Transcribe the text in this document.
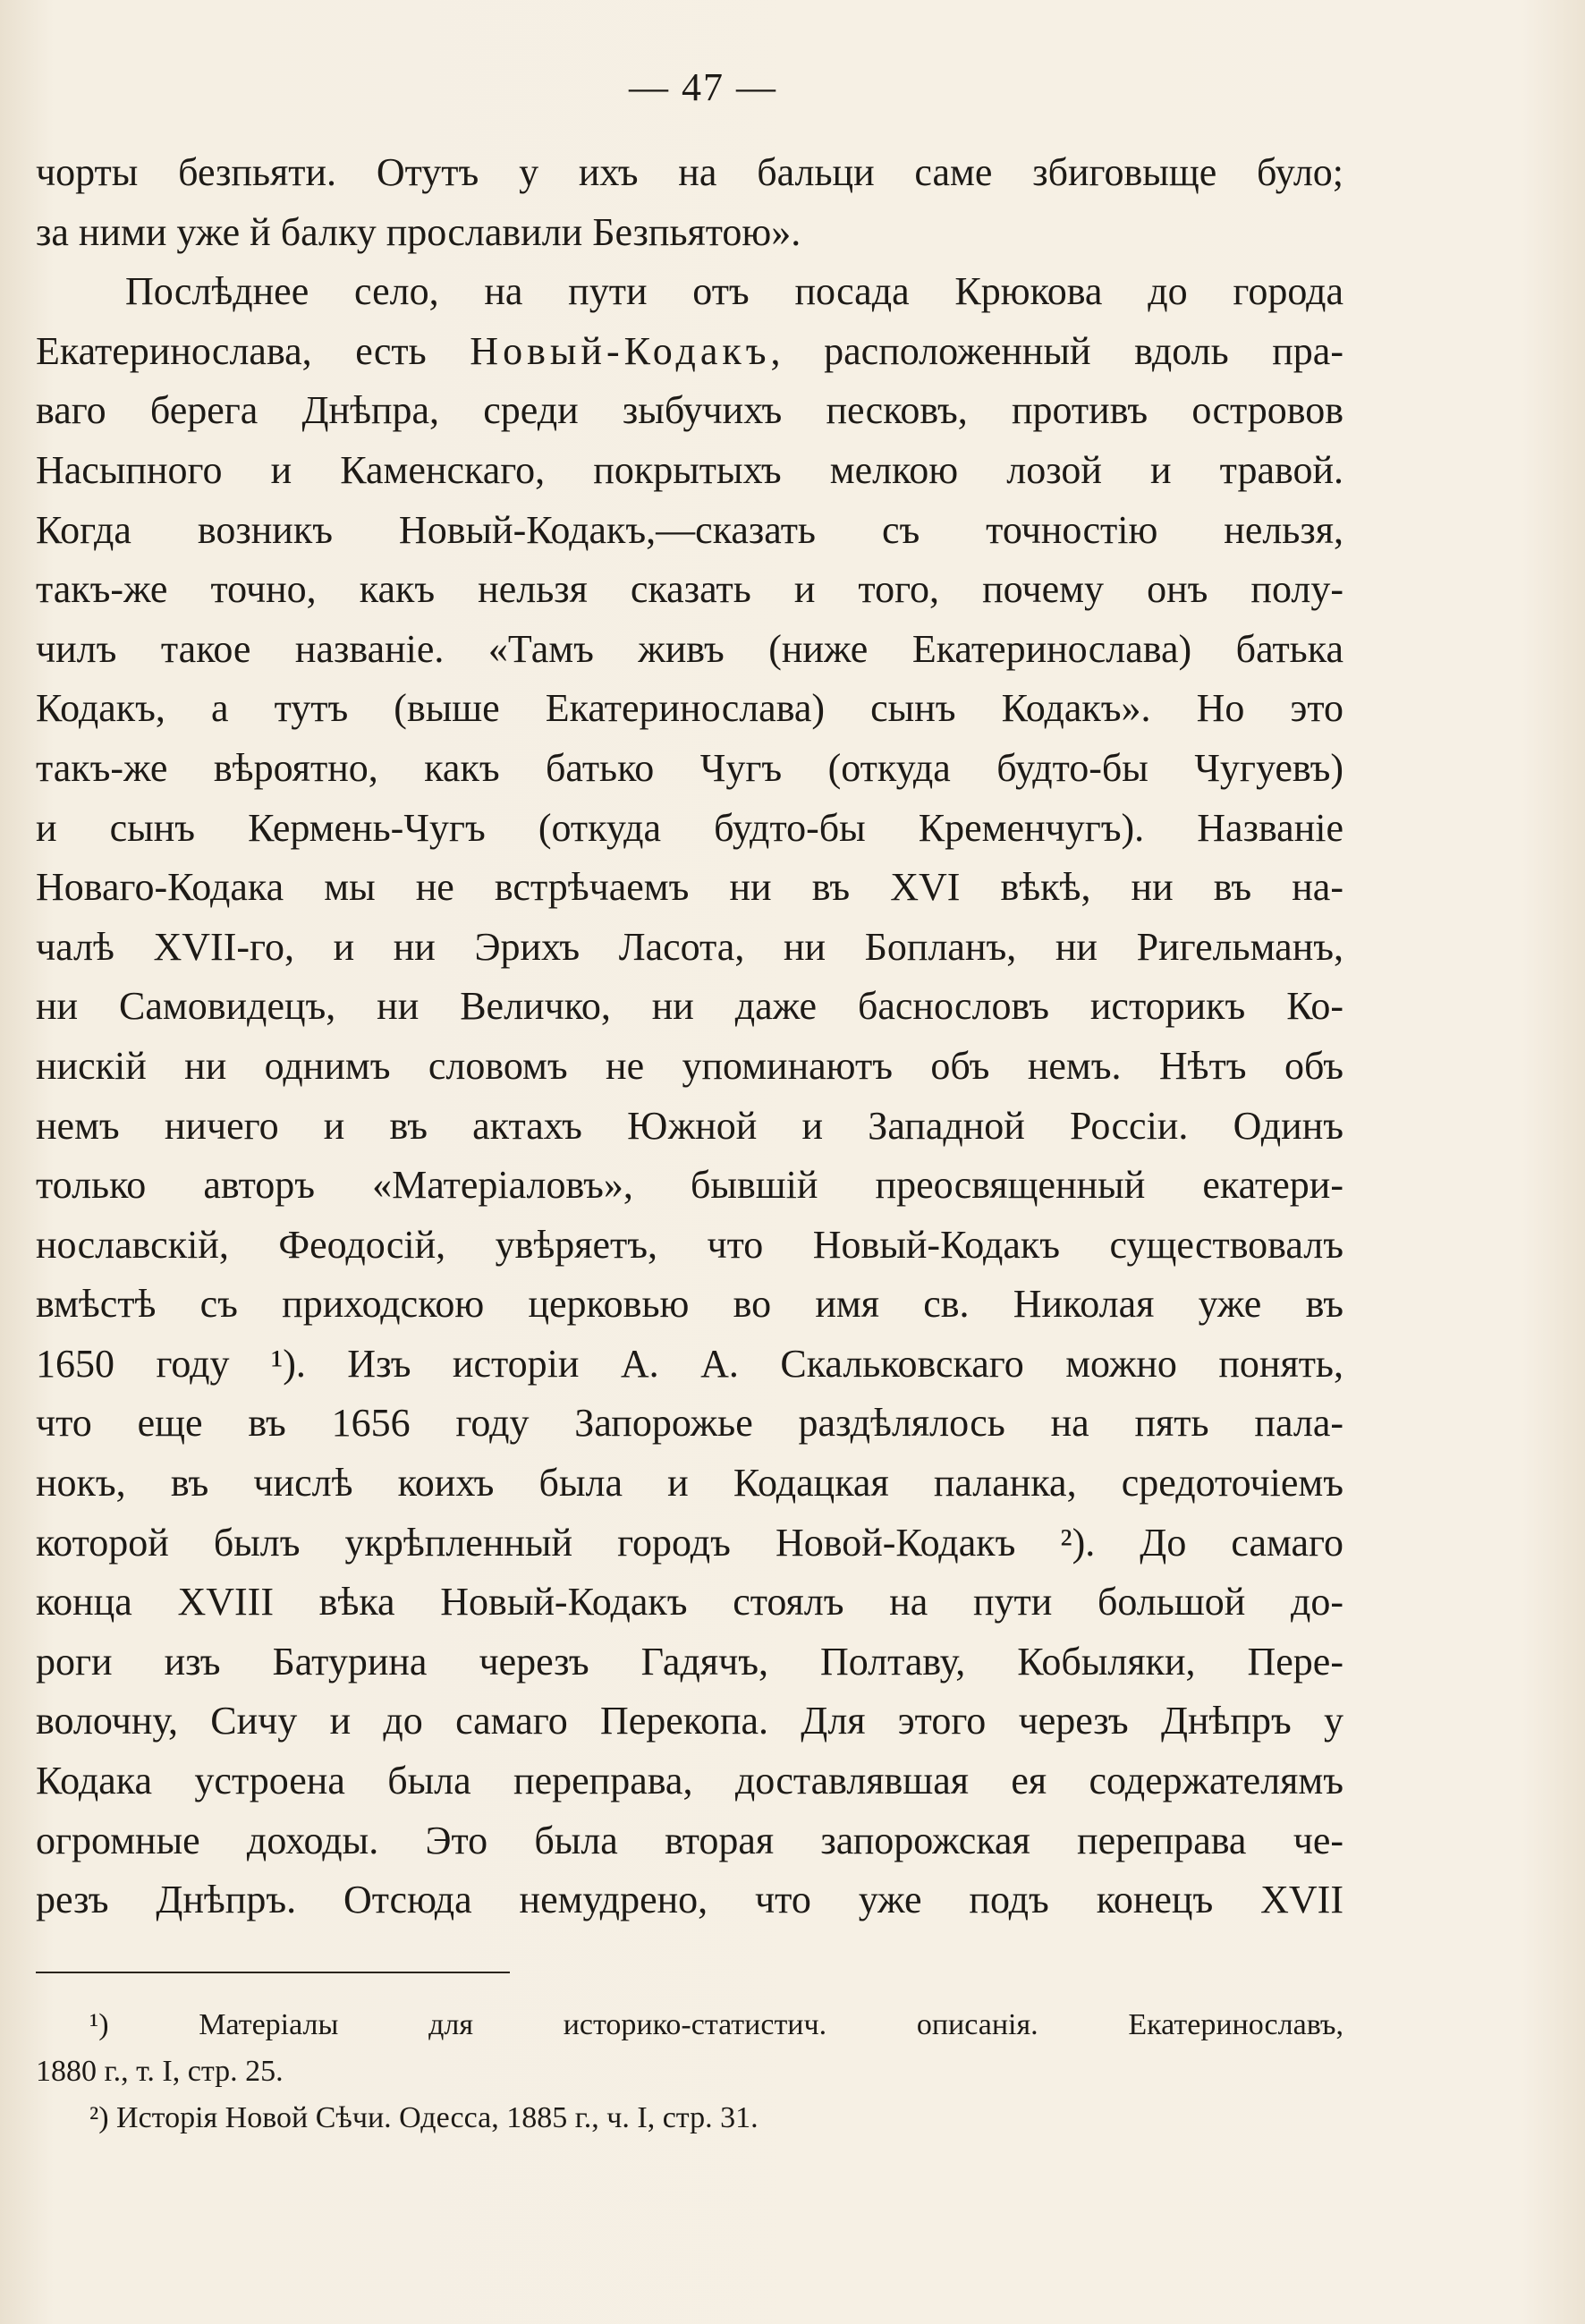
— 47 —
чорты безпьяти. Отутъ у ихъ на бальци саме збиговыще було;
за ними уже й балку прославили Безпьятою».
Послѣднее село, на пути отъ посада Крюкова до города
Екатеринослава, есть Новый-Кодакъ, расположенный вдоль пра-
ваго берега Днѣпра, среди зыбучихъ песковъ, противъ островов
Насыпного и Каменскаго, покрытыхъ мелкою лозой и травой.
Когда возникъ Новый-Кодакъ,—сказать съ точностію нельзя,
такъ-же точно, какъ нельзя сказать и того, почему онъ полу-
чилъ такое названіе. «Тамъ живъ (ниже Екатеринослава) батька
Кодакъ, а тутъ (выше Екатеринослава) сынъ Кодакъ». Но это
такъ-же вѣроятно, какъ батько Чугъ (откуда будто-бы Чугуевъ)
и сынъ Кермень-Чугъ (откуда будто-бы Кременчугъ). Названіе
Новаго-Кодака мы не встрѣчаемъ ни въ XVI вѣкѣ, ни въ на-
чалѣ XVII-го, и ни Эрихъ Ласота, ни Бопланъ, ни Ригельманъ,
ни Самовидецъ, ни Величко, ни даже баснословъ историкъ Ко-
нискій ни однимъ словомъ не упоминаютъ объ немъ. Нѣтъ объ
немъ ничего и въ актахъ Южной и Западной Россіи. Одинъ
только авторъ «Матеріаловъ», бывшій преосвященный екатери-
нославскій, Феодосій, увѣряетъ, что Новый-Кодакъ существовалъ
вмѣстѣ съ приходскою церковью во имя св. Николая уже въ
1650 году ¹). Изъ исторіи А. А. Скальковскаго можно понять,
что еще въ 1656 году Запорожье раздѣлялось на пять пала-
нокъ, въ числѣ коихъ была и Кодацкая паланка, средоточіемъ
которой былъ укрѣпленный городъ Новой-Кодакъ ²). До самаго
конца XVIII вѣка Новый-Кодакъ стоялъ на пути большой до-
роги изъ Батурина черезъ Гадячъ, Полтаву, Кобыляки, Пере-
волочну, Сичу и до самаго Перекопа. Для этого черезъ Днѣпръ у
Кодака устроена была переправа, доставлявшая ея содержателямъ
огромные доходы. Это была вторая запорожская переправа че-
резъ Днѣпръ. Отсюда немудрено, что уже подъ конецъ XVII
¹) Матеріалы для историко-статистич. описанія. Екатеринославъ,
1880 г., т. I, стр. 25.
²) Исторія Новой Сѣчи. Одесса, 1885 г., ч. I, стр. 31.
